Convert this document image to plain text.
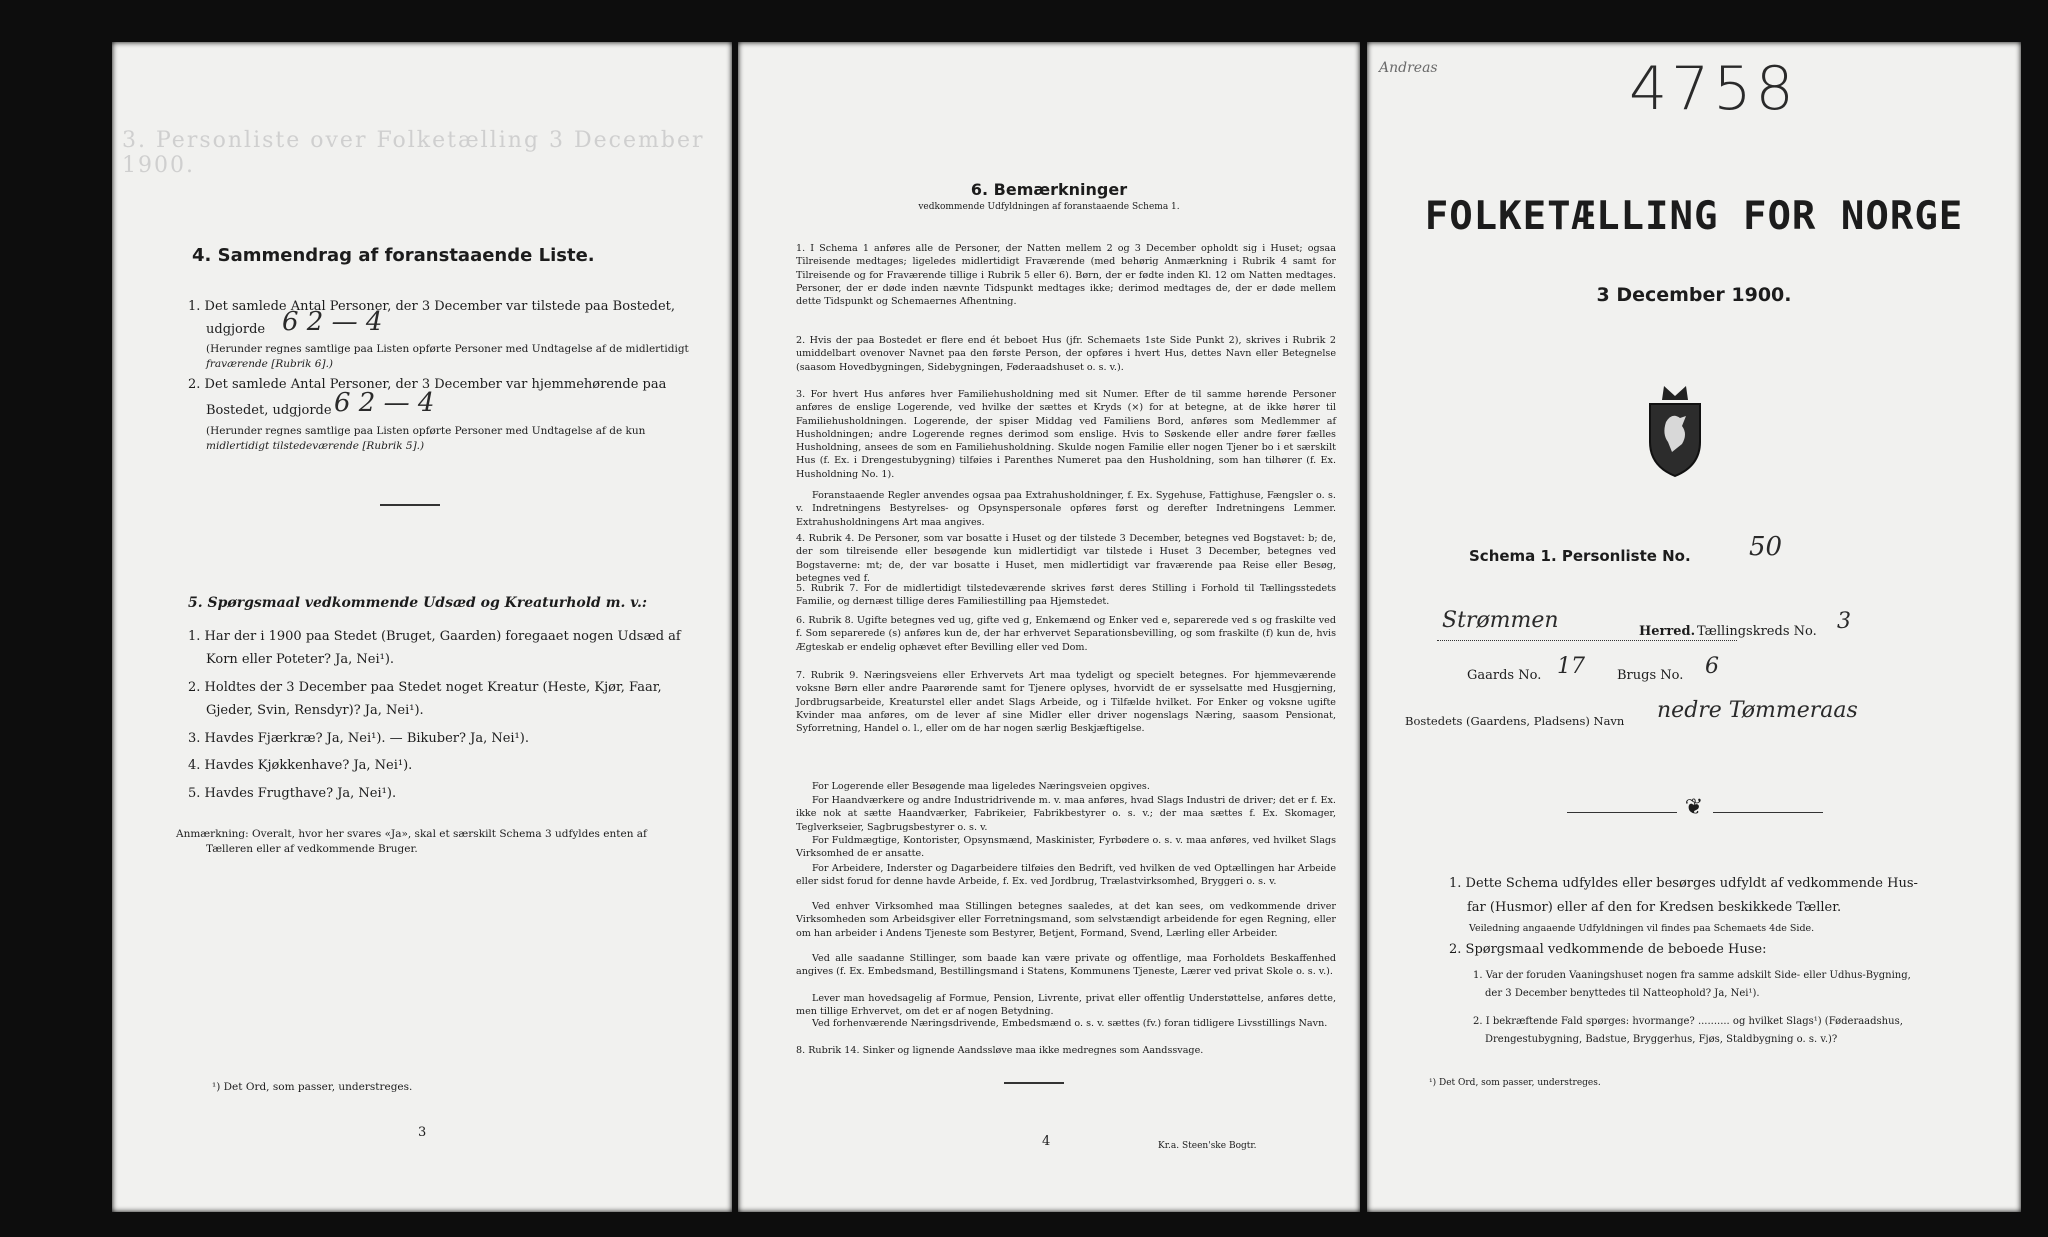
3. Personliste over Folketælling 3 December 1900.
4. Sammendrag af foranstaaende Liste.
1. Det samlede Antal Personer, der 3 December var tilstede paa Bostedet,
udgjorde 6 2 — 4
(Herunder regnes samtlige paa Listen opførte Personer med Undtagelse af de midlertidigt
fraværende [Rubrik 6].)
2. Det samlede Antal Personer, der 3 December var hjemmehørende paa
Bostedet, udgjorde 6 2 — 4
(Herunder regnes samtlige paa Listen opførte Personer med Undtagelse af de kun
midlertidigt tilstedeværende [Rubrik 5].)
5. Spørgsmaal vedkommende Udsæd og Kreaturhold m. v.:
1. Har der i 1900 paa Stedet (Bruget, Gaarden) foregaaet nogen Udsæd af
Korn eller Poteter? Ja, Nei¹).
2. Holdtes der 3 December paa Stedet noget Kreatur (Heste, Kjør, Faar,
Gjeder, Svin, Rensdyr)? Ja, Nei¹).
3. Havdes Fjærkræ? Ja, Nei¹). — Bikuber? Ja, Nei¹).
4. Havdes Kjøkkenhave? Ja, Nei¹).
5. Havdes Frugthave? Ja, Nei¹).
Anmærkning: Overalt, hvor her svares «Ja», skal et særskilt Schema 3 udfyldes enten af
Tælleren eller af vedkommende Bruger.
¹) Det Ord, som passer, understreges.
3
6. Bemærkninger
vedkommende Udfyldningen af foranstaaende Schema 1.
1. I Schema 1 anføres alle de Personer, der Natten mellem 2 og 3 December opholdt sig i Huset; ogsaa Tilreisende medtages; ligeledes midlertidigt Fraværende (med behørig Anmærkning i Rubrik 4 samt for Tilreisende og for Fraværende tillige i Rubrik 5 eller 6). Børn, der er fødte inden Kl. 12 om Natten medtages. Personer, der er døde inden nævnte Tidspunkt medtages ikke; derimod medtages de, der er døde mellem dette Tidspunkt og Schemaernes Afhentning.
2. Hvis der paa Bostedet er flere end ét beboet Hus (jfr. Schemaets 1ste Side Punkt 2), skrives i Rubrik 2 umiddelbart ovenover Navnet paa den første Person, der opføres i hvert Hus, dettes Navn eller Betegnelse (saasom Hovedbygningen, Sidebygningen, Føderaadshuset o. s. v.).
3. For hvert Hus anføres hver Familiehusholdning med sit Numer. Efter de til samme hørende Personer anføres de enslige Logerende, ved hvilke der sættes et Kryds (×) for at betegne, at de ikke hører til Familiehusholdningen. Logerende, der spiser Middag ved Familiens Bord, anføres som Medlemmer af Husholdningen; andre Logerende regnes derimod som enslige. Hvis to Søskende eller andre fører fælles Husholdning, ansees de som en Familiehusholdning. Skulde nogen Familie eller nogen Tjener bo i et særskilt Hus (f. Ex. i Drengestubygning) tilføies i Parenthes Numeret paa den Husholdning, som han tilhører (f. Ex. Husholdning No. 1).
Foranstaaende Regler anvendes ogsaa paa Extrahusholdninger, f. Ex. Sygehuse, Fattighuse, Fængsler o. s. v. Indretningens Bestyrelses- og Opsynspersonale opføres først og derefter Indretningens Lemmer. Extrahusholdningens Art maa angives.
4. Rubrik 4. De Personer, som var bosatte i Huset og der tilstede 3 December, betegnes ved Bogstavet: b; de, der som tilreisende eller besøgende kun midlertidigt var tilstede i Huset 3 December, betegnes ved Bogstaverne: mt; de, der var bosatte i Huset, men midlertidigt var fraværende paa Reise eller Besøg, betegnes ved f.
5. Rubrik 7. For de midlertidigt tilstedeværende skrives først deres Stilling i Forhold til Tællingsstedets Familie, og dernæst tillige deres Familiestilling paa Hjemstedet.
6. Rubrik 8. Ugifte betegnes ved ug, gifte ved g, Enkemænd og Enker ved e, separerede ved s og fraskilte ved f. Som separerede (s) anføres kun de, der har erhvervet Separationsbevilling, og som fraskilte (f) kun de, hvis Ægteskab er endelig ophævet efter Bevilling eller ved Dom.
7. Rubrik 9. Næringsveiens eller Erhvervets Art maa tydeligt og specielt betegnes. For hjemmeværende voksne Børn eller andre Paarørende samt for Tjenere oplyses, hvorvidt de er sysselsatte med Husgjerning, Jordbrugsarbeide, Kreaturstel eller andet Slags Arbeide, og i Tilfælde hvilket. For Enker og voksne ugifte Kvinder maa anføres, om de lever af sine Midler eller driver nogenslags Næring, saasom Pensionat, Syforretning, Handel o. l., eller om de har nogen særlig Beskjæftigelse.
For Logerende eller Besøgende maa ligeledes Næringsveien opgives.
For Haandværkere og andre Industridrivende m. v. maa anføres, hvad Slags Industri de driver; det er f. Ex. ikke nok at sætte Haandværker, Fabrikeier, Fabrikbestyrer o. s. v.; der maa sættes f. Ex. Skomager, Teglverkseier, Sagbrugsbestyrer o. s. v.
For Fuldmægtige, Kontorister, Opsynsmænd, Maskinister, Fyrbødere o. s. v. maa anføres, ved hvilket Slags Virksomhed de er ansatte.
For Arbeidere, Inderster og Dagarbeidere tilføies den Bedrift, ved hvilken de ved Optællingen har Arbeide eller sidst forud for denne havde Arbeide, f. Ex. ved Jordbrug, Trælastvirksomhed, Bryggeri o. s. v.
Ved enhver Virksomhed maa Stillingen betegnes saaledes, at det kan sees, om vedkommende driver Virksomheden som Arbeidsgiver eller Forretningsmand, som selvstændigt arbeidende for egen Regning, eller om han arbeider i Andens Tjeneste som Bestyrer, Betjent, Formand, Svend, Lærling eller Arbeider.
Ved alle saadanne Stillinger, som baade kan være private og offentlige, maa Forholdets Beskaffenhed angives (f. Ex. Embedsmand, Bestillingsmand i Statens, Kommunens Tjeneste, Lærer ved privat Skole o. s. v.).
Lever man hovedsagelig af Formue, Pension, Livrente, privat eller offentlig Understøttelse, anføres dette, men tillige Erhvervet, om det er af nogen Betydning.
Ved forhenværende Næringsdrivende, Embedsmænd o. s. v. sættes (fv.) foran tidligere Livsstillings Navn.
8. Rubrik 14. Sinker og lignende Aandssløve maa ikke medregnes som Aandssvage.
4	Kr.a. Steen'ske Bogtr.
Andreas	4758
FOLKETÆLLING FOR NORGE
3 December 1900.
Schema 1. Personliste No. 50
Strømmen	Herred. Tællingskreds No. 3
Gaards No. 17 Brugs No. 6
Bostedets (Gaardens, Pladsens) Navn nedre Tømmeraas
❦
1. Dette Schema udfyldes eller besørges udfyldt af vedkommende Hus-
far (Husmor) eller af den for Kredsen beskikkede Tæller.
Veiledning angaaende Udfyldningen vil findes paa Schemaets 4de Side.
2. Spørgsmaal vedkommende de beboede Huse:
1. Var der foruden Vaaningshuset nogen fra samme adskilt Side- eller Udhus-Bygning,
der 3 December benyttedes til Natteophold? Ja, Nei¹).
2. I bekræftende Fald spørges: hvormange? .......... og hvilket Slags¹) (Føderaadshus,
Drengestubygning, Badstue, Bryggerhus, Fjøs, Staldbygning o. s. v.)?
¹) Det Ord, som passer, understreges.
